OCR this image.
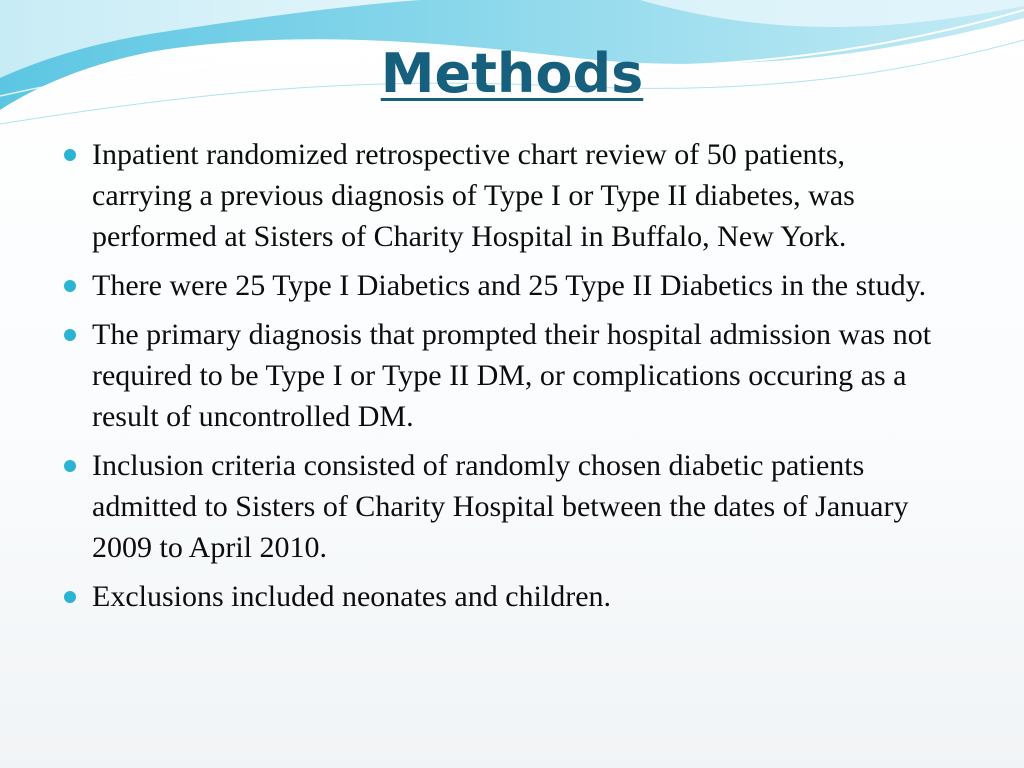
Methods
Inpatient randomized retrospective chart review of 50 patients, carrying a previous diagnosis of Type I or Type II diabetes, was performed at Sisters of Charity Hospital in Buffalo, New York.
There were 25 Type I Diabetics and 25 Type II Diabetics in the study.
The primary diagnosis that prompted their hospital admission was not required to be Type I or Type II DM, or complications occuring as a result of uncontrolled DM.
Inclusion criteria consisted of randomly chosen diabetic patients admitted to Sisters of Charity Hospital between the dates of January 2009 to April 2010.
Exclusions included neonates and children.
